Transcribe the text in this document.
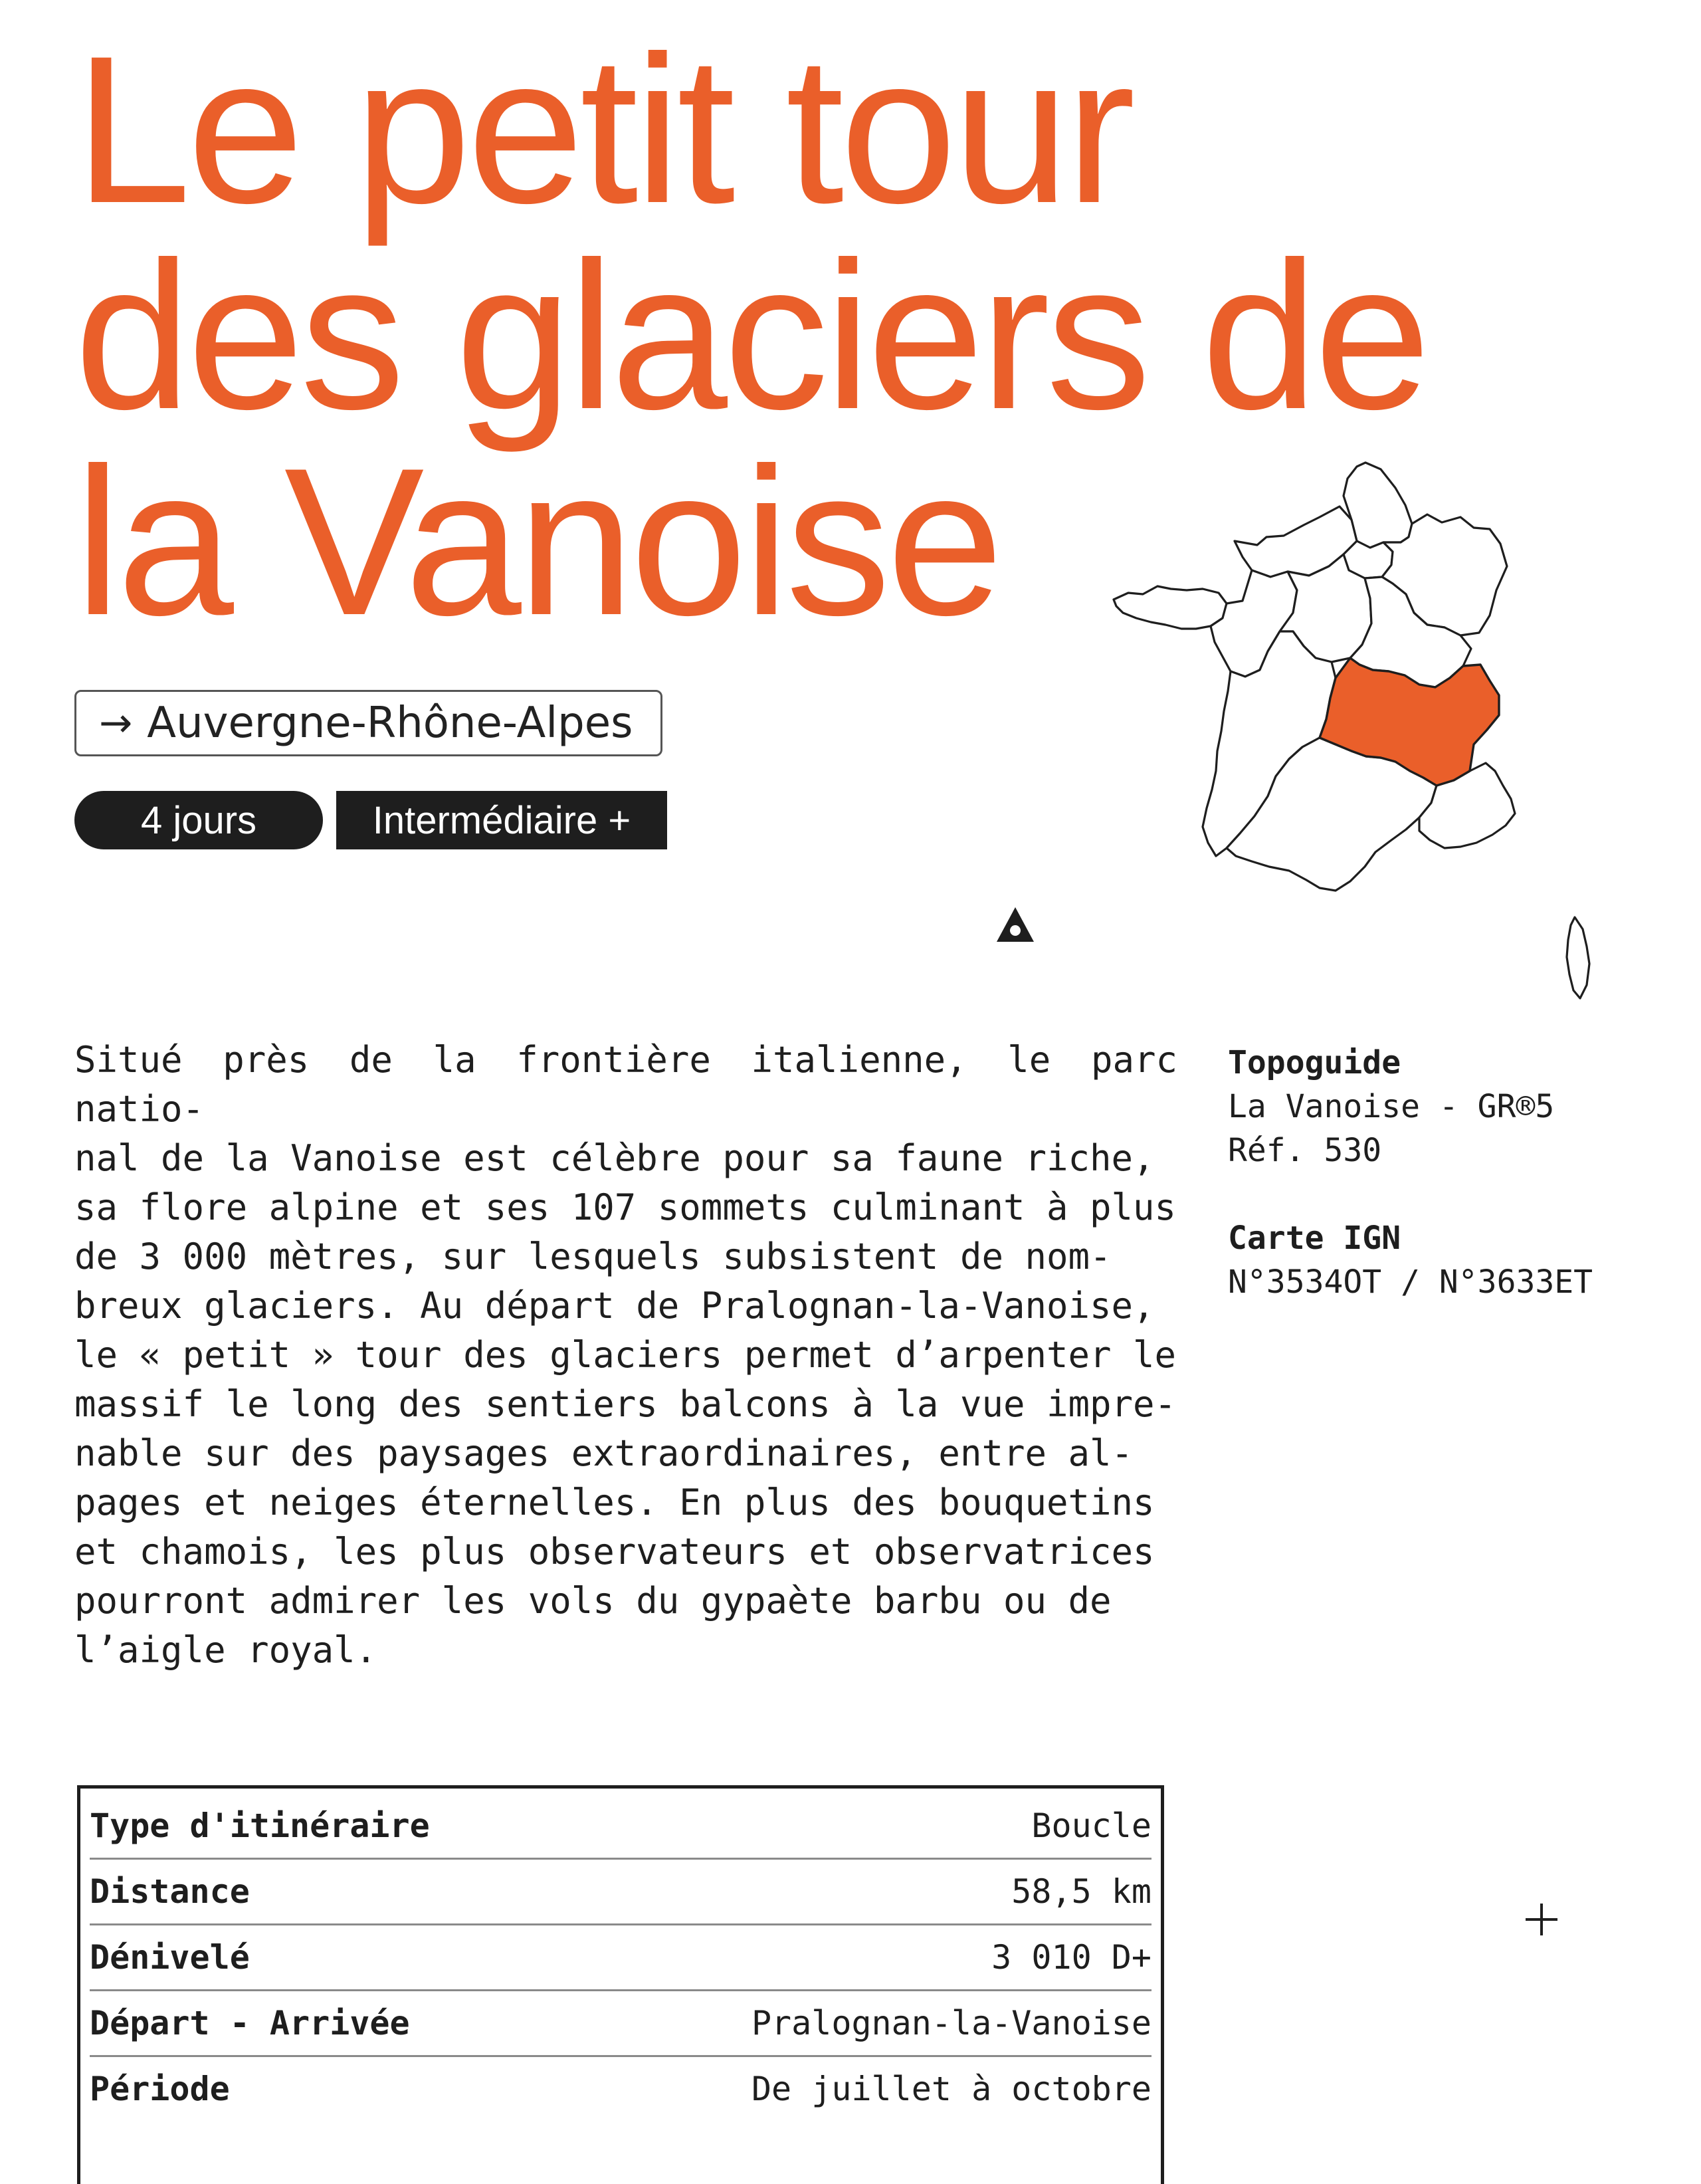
Le petit tour
des glaciers de
la Vanoise
→ Auvergne-Rhône-Alpes
4 jours	Intermédiaire +

Situé près de la frontière italienne, le parc natio-
nal de la Vanoise est célèbre pour sa faune riche,
sa flore alpine et ses 107 sommets culminant à plus
de 3 000 mètres, sur lesquels subsistent de nom-
breux glaciers. Au départ de Pralognan-la-Vanoise,
le « petit » tour des glaciers permet d’arpenter le
massif le long des sentiers balcons à la vue impre-
nable sur des paysages extraordinaires, entre al-
pages et neiges éternelles. En plus des bouquetins
et chamois, les plus observateurs et observatrices
pourront admirer les vols du gypaète barbu ou de
l’aigle royal.

Topoguide
La Vanoise - GR®5
Réf. 530
Carte IGN
N°3534OT / N°3633ET
Type d'itinéraire	Boucle
Distance	58,5 km
Dénivelé	3 010 D+
Départ - Arrivée	Pralognan-la-Vanoise
Période	De juillet à octobre
